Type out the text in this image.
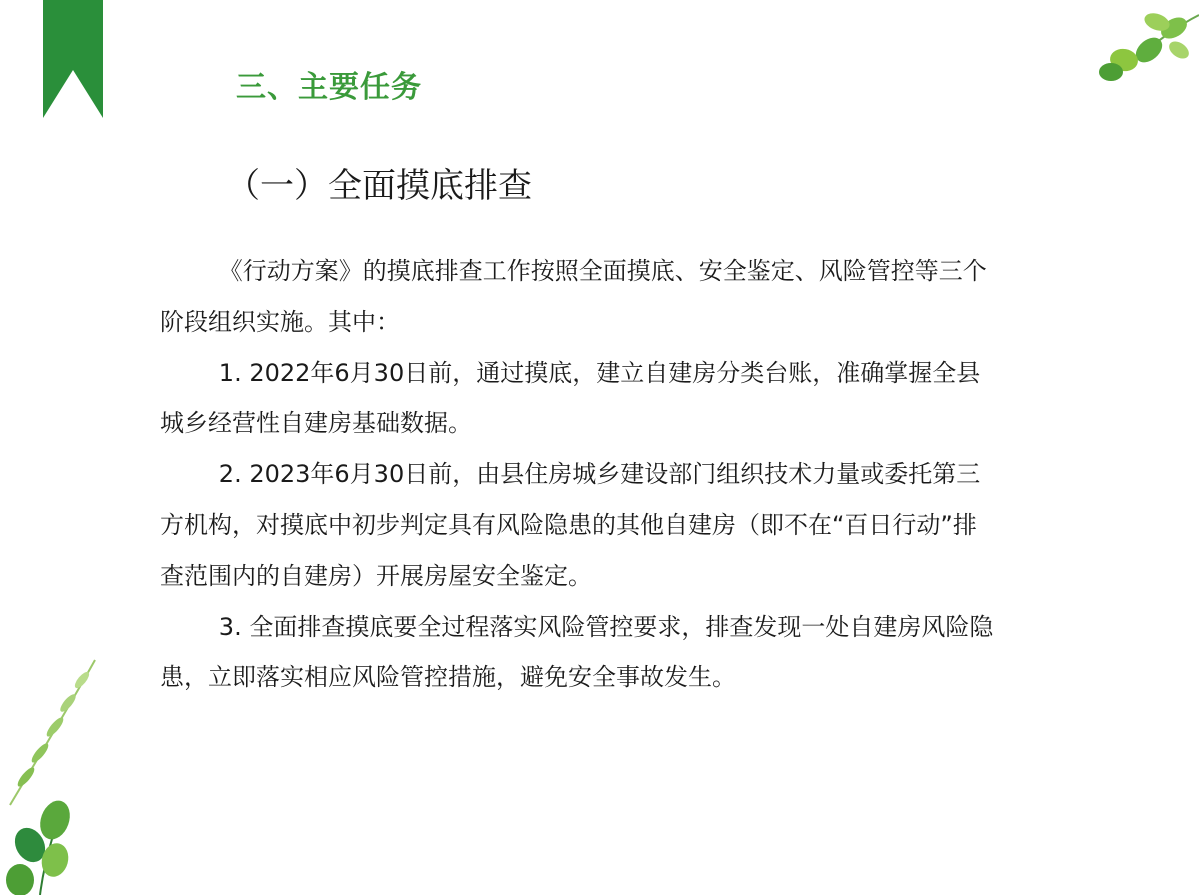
三、主要任务
（一）全面摸底排查

《行动方案》的摸底排查工作按照全面摸底、安全鉴定、风险管控等三个阶段组织实施。其中：

1. 2022年6月30日前，通过摸底，建立自建房分类台账，准确掌握全县城乡经营性自建房基础数据。

2. 2023年6月30日前，由县住房城乡建设部门组织技术力量或委托第三方机构，对摸底中初步判定具有风险隐患的其他自建房（即不在“百日行动”排查范围内的自建房）开展房屋安全鉴定。

3. 全面排查摸底要全过程落实风险管控要求，排查发现一处自建房风险隐患，立即落实相应风险管控措施，避免安全事故发生。
